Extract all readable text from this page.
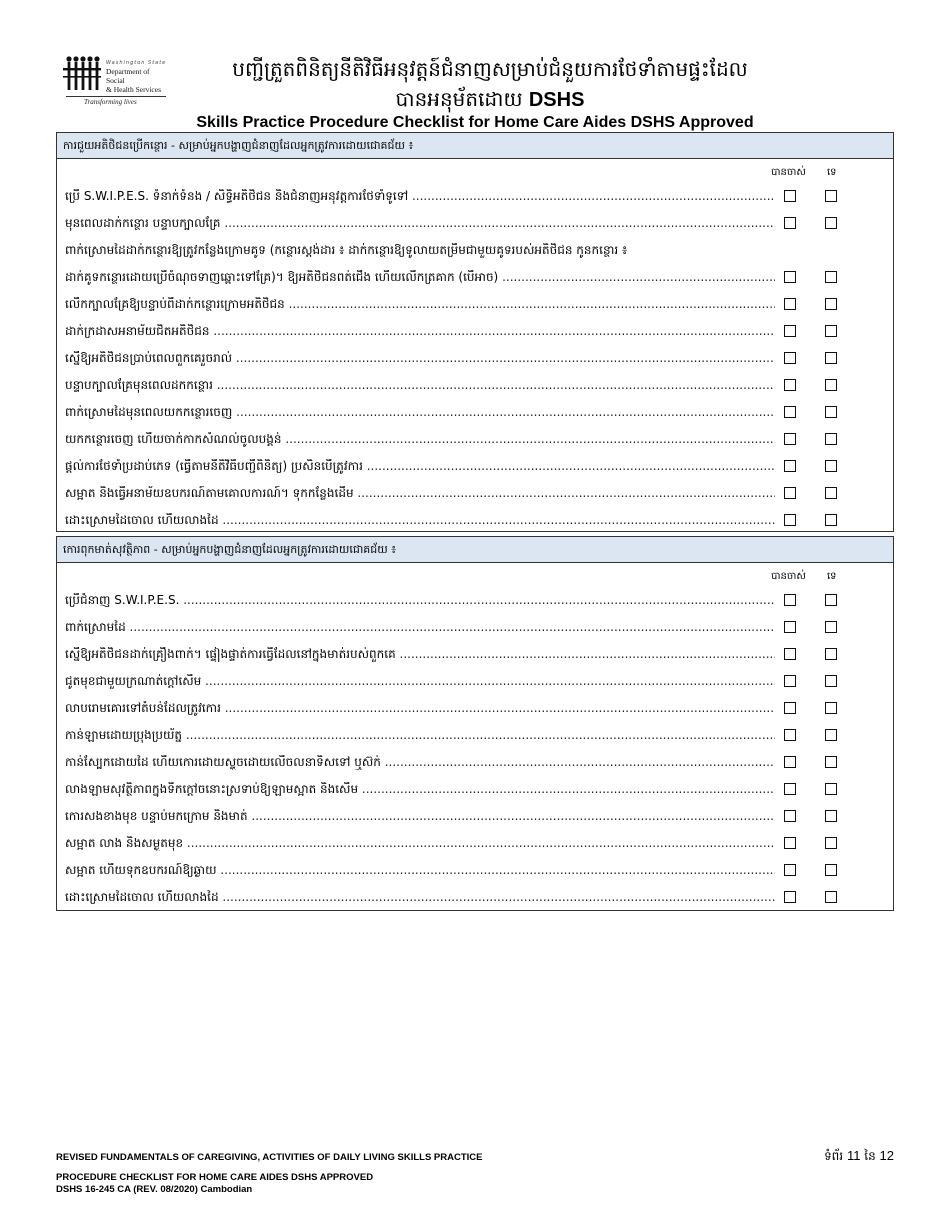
Washington State
Department of Social
& Health Services
Transforming lives
បញ្ជីត្រួតពិនិត្យនីតិវិធីអនុវត្តន៍ជំនាញសម្រាប់ជំនួយការថែទាំតាមផ្ទះដែល
បានអនុម័តដោយ DSHS
Skills Practice Procedure Checklist for Home Care Aides DSHS Approved
ការជួយអតិថិជនប្រើកន្ថោរ - សម្រាប់អ្នកបង្ហាញជំនាញដែលអ្នកត្រូវការដោយជោគជ័យ ៖
បានចាស់ ទេ
ប្រើ S.W.I.P.E.S. ទំនាក់ទំនង / សិទ្ធិអតិថិជន និងជំនាញអនុវត្តការថែទាំទូទៅ .....
មុនពេលដាក់កន្ថោរ បន្ទាបក្បាលគ្រែ .....
ពាក់ស្រោមដៃដាក់កន្ថោរឱ្យត្រូវកន្លែងក្រោមគូទ (កន្ថោរស្តង់ដារ ៖ ដាក់កន្ថោរឱ្យទូលាយតម្រឹមជាមួយគូទរបស់អតិថិជន កូនកន្ថោរ ៖
ដាក់គូទកន្ថោរដោយប្រើចំណុចទាញឆ្ពោះទៅគ្រែ)។ ឱ្យអតិថិជនពត់ជើង ហើយលើកត្រគាក (បើអាច) .....
លើកក្បាលគ្រែឱ្យបន្ទាប់ពីដាក់កន្ថោរក្រោមអតិថិជន .....
ដាក់ក្រដាសអនាម័យជិតអតិថិជន .....
ស្នើឱ្យអតិថិជនប្រាប់ពេលពួកគេរួចរាល់ .....
បន្ទាបក្បាលគ្រែមុនពេលដកកន្ថោរ .....
ពាក់ស្រោមដៃមុនពេលយកកន្ថោរចេញ .....
យកកន្ថោរចេញ ហើយចាក់កាកសំណល់ចូលបង្គន់ .....
ផ្តល់ការថែទាំប្រដាប់ភេទ (ធ្វើតាមនីតិវិធីបញ្ជីពិនិត្យ) ប្រសិនបើត្រូវការ .....
សម្អាត និងធ្វើអនាម័យឧបករណ៍តាមគោលការណ៍។ ទុកកន្លែងដើម .....
ដោះស្រោមដៃចោល ហើយលាងដៃ .....
កោរពុកមាត់សុវត្ថិភាព - សម្រាប់អ្នកបង្ហាញជំនាញដែលអ្នកត្រូវការដោយជោគជ័យ ៖
បានចាស់ ទេ
ប្រើជំនាញ S.W.I.P.E.S. .....
ពាក់ស្រោមដៃ .....
ស្នើឱ្យអតិថិជនដាក់គ្រឿងពាក់។ ផ្ទៀងផ្ទាត់ការធ្វើដែលនៅក្នុងមាត់របស់ពួកគេ .....
ជូតមុខជាមួយក្រណាត់ក្តៅសើម .....
លាបរោមគោរទៅតំបន់ដែលត្រូវកោរ .....
កាន់ឡាមដោយប្រុងប្រយ័ត្ន .....
កាន់ស្បែកដោយដៃ ហើយកោរដោយស្ទួចដោយលើចលនាទិសទៅ ឬស៊ក់ .....
លាងឡាមសុវត្ថិភាពក្នុងទឹកក្តៅចនោះស្រទាប់ឱ្យឡាមស្អាត និងសើម .....
កោរសងខាងមុខ បន្ទាប់មកក្រោម និងមាត់ .....
សម្អាត លាង និងសម្ងួតមុខ .....
សម្អាត ហើយទុកឧបករណ៍ឱ្យឆ្ងាយ .....
ដោះស្រោមដៃចោល ហើយលាងដៃ .....
REVISED FUNDAMENTALS OF CAREGIVING, ACTIVITIES OF DAILY LIVING SKILLS PRACTICE
PROCEDURE CHECKLIST FOR HOME CARE AIDES DSHS APPROVED
DSHS 16-245 CA (REV. 08/2020) Cambodian
ទំព័រ 11 នៃ 12
